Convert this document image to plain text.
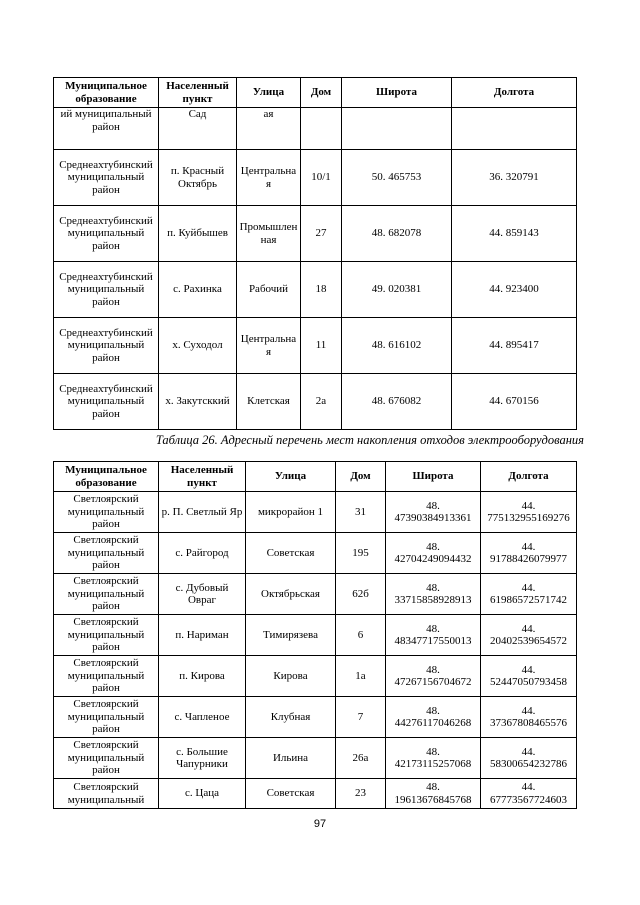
Муниципальное образование	Населенный пункт	Улица	Дом	Широта	Долгота
ий муниципальный район	Сад	ая			
Среднеахтубинский муниципальный район	п. Красный Октябрь	Центральная	10/1	50. 465753	36. 320791
Среднеахтубинский муниципальный район	п. Куйбышев	Промышленная	27	48. 682078	44. 859143
Среднеахтубинский муниципальный район	с. Рахинка	Рабочий	18	49. 020381	44. 923400
Среднеахтубинский муниципальный район	х. Суходол	Центральная	11	48. 616102	44. 895417
Среднеахтубинский муниципальный район	х. Закутсккий	Клетская	2а	48. 676082	44. 670156
Таблица 26. Адресный перечень мест накопления отходов электрооборудования
Муниципальное образование	Населенный пункт	Улица	Дом	Широта	Долгота
Светлоярский муниципальный район	р. П. Светлый Яр	микрорайон 1	31	48. 47390384913361	44. 775132955169276
Светлоярский муниципальный район	с. Райгород	Советская	195	48. 42704249094432	44. 91788426079977
Светлоярский муниципальный район	с. Дубовый Овраг	Октябрьская	62б	48. 33715858928913	44. 61986572571742
Светлоярский муниципальный район	п. Нариман	Тимирязева	6	48. 48347717550013	44. 20402539654572
Светлоярский муниципальный район	п. Кирова	Кирова	1а	48. 47267156704672	44. 52447050793458
Светлоярский муниципальный район	с. Чапленое	Клубная	7	48. 44276117046268	44. 37367808465576
Светлоярский муниципальный район	с. Большие Чапурники	Ильина	26а	48. 42173115257068	44. 58300654232786
Светлоярский муниципальный	с. Цаца	Советская	23	48. 19613676845768	44. 67773567724603
97
